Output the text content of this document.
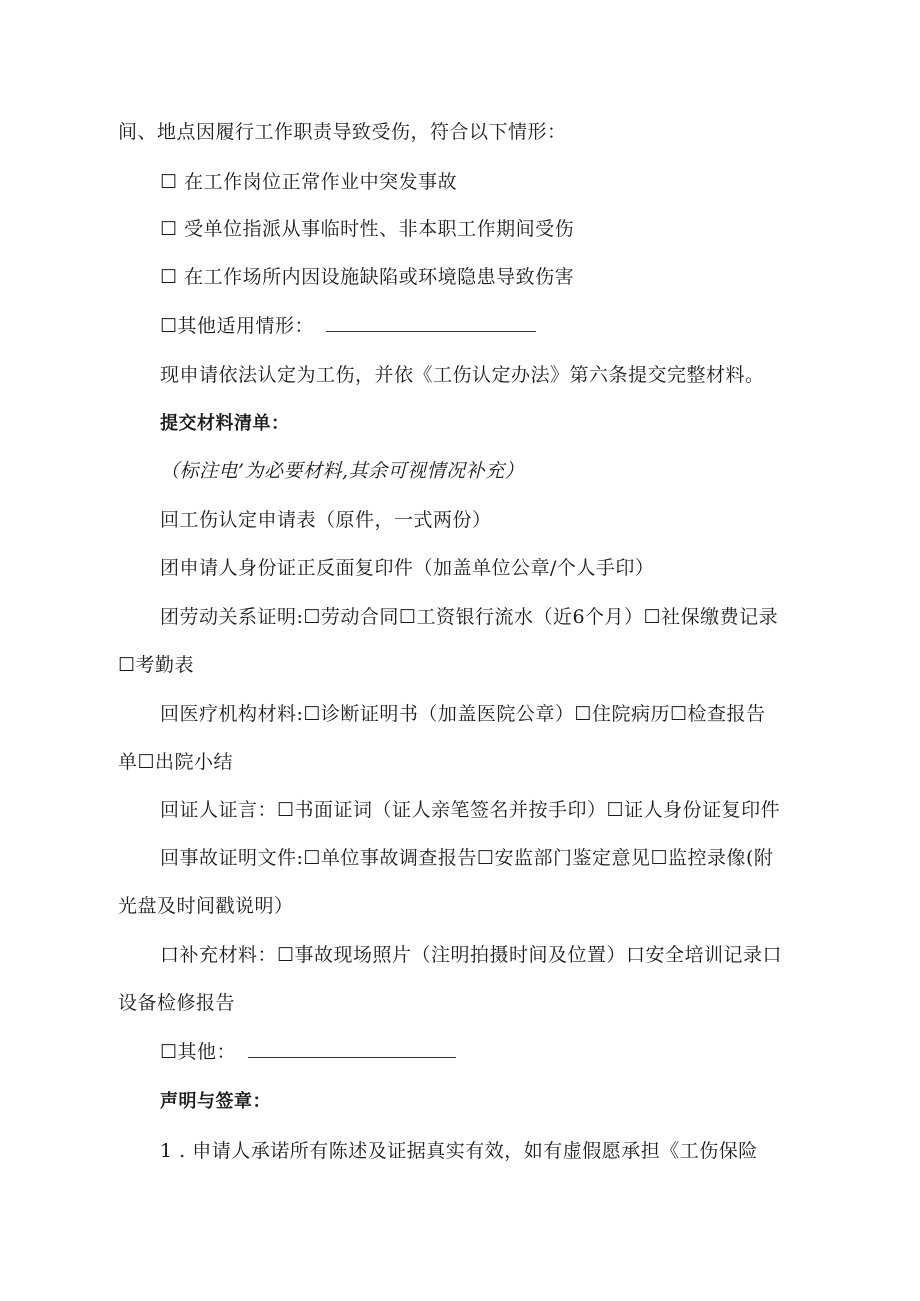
间、地点因履行工作职责导致受伤，符合以下情形：
☐ 在工作岗位正常作业中突发事故
☐ 受单位指派从事临时性、非本职工作期间受伤
☐ 在工作场所内因设施缺陷或环境隐患导致伤害
☐其他适用情形：
现申请依法认定为工伤，并依《工伤认定办法》第六条提交完整材料。
提交材料清单：
（标注电’为必要材料,其余可视情况补充）
回工伤认定申请表（原件，一式两份）
团申请人身份证正反面复印件（加盖单位公章/个人手印）
团劳动关系证明:☐劳动合同☐工资银行流水（近6个月）☐社保缴费记录
☐考勤表
回医疗机构材料:☐诊断证明书（加盖医院公章）☐住院病历☐检查报告
单☐出院小结
回证人证言：☐书面证词（证人亲笔签名并按手印）☐证人身份证复印件
回事故证明文件:☐单位事故调查报告☐安监部门鉴定意见☐监控录像(附
光盘及时间戳说明）
口补充材料：☐事故现场照片（注明拍摄时间及位置）口安全培训记录口
设备检修报告
☐其他：
声明与签章：
1 . 申请人承诺所有陈述及证据真实有效，如有虚假愿承担《工伤保险
